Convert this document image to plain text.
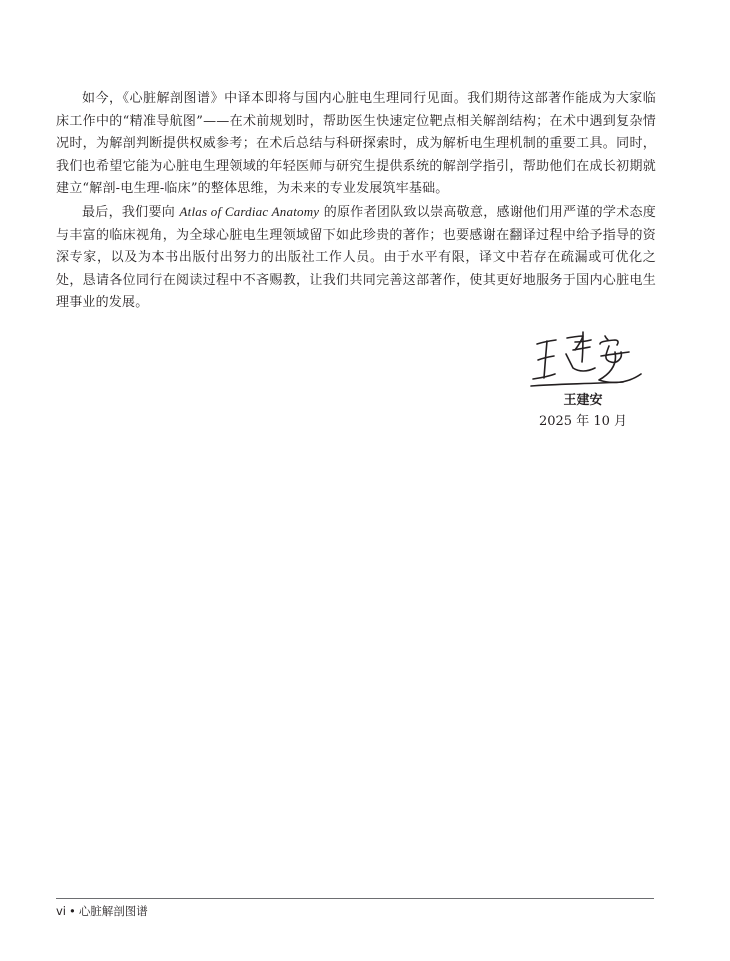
如今，《心脏解剖图谱》中译本即将与国内心脏电生理同行见面。我们期待这部著作能成为大家临床工作中的“精准导航图”——在术前规划时，帮助医生快速定位靶点相关解剖结构；在术中遇到复杂情况时，为解剖判断提供权威参考；在术后总结与科研探索时，成为解析电生理机制的重要工具。同时，我们也希望它能为心脏电生理领域的年轻医师与研究生提供系统的解剖学指引，帮助他们在成长初期就建立“解剖-电生理-临床”的整体思维，为未来的专业发展筑牢基础。

最后，我们要向 Atlas of Cardiac Anatomy 的原作者团队致以崇高敬意，感谢他们用严谨的学术态度与丰富的临床视角，为全球心脏电生理领域留下如此珍贵的著作；也要感谢在翻译过程中给予指导的资深专家，以及为本书出版付出努力的出版社工作人员。由于水平有限，译文中若存在疏漏或可优化之处，恳请各位同行在阅读过程中不吝赐教，让我们共同完善这部著作，使其更好地服务于国内心脏电生理事业的发展。

王建安
2025 年 10 月
vi • 心脏解剖图谱
